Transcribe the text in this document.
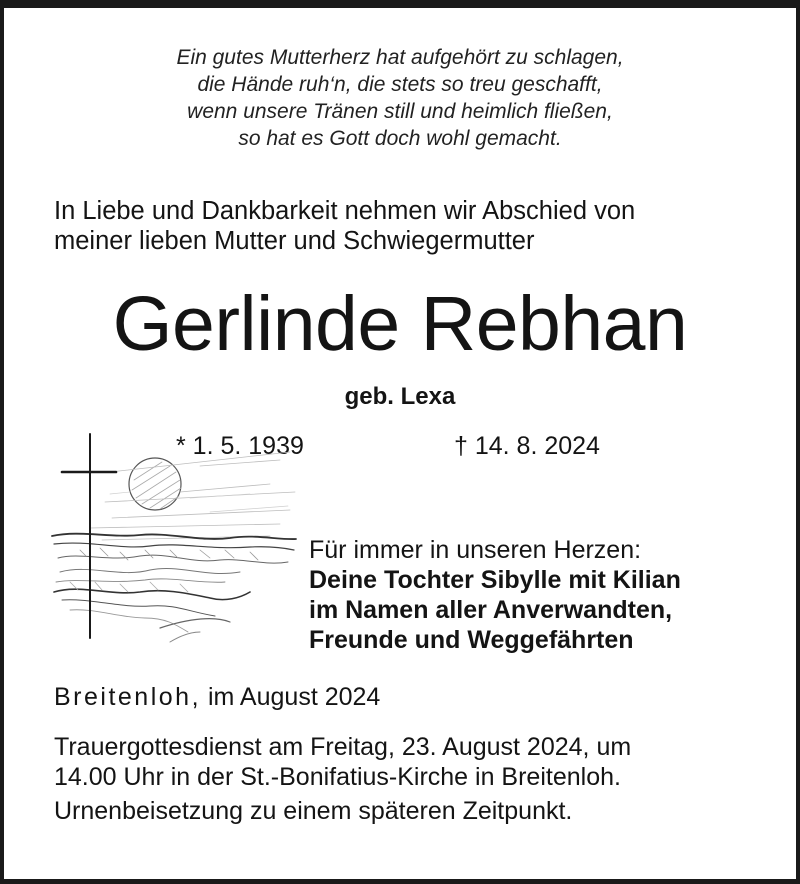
Ein gutes Mutterherz hat aufgehört zu schlagen,
die Hände ruh‘n, die stets so treu geschafft,
wenn unsere Tränen still und heimlich fließen,
so hat es Gott doch wohl gemacht.
In Liebe und Dankbarkeit nehmen wir Abschied von
meiner lieben Mutter und Schwiegermutter
Gerlinde Rebhan
geb. Lexa
* 1. 5. 1939	† 14. 8. 2024
Für immer in unseren Herzen:
Deine Tochter Sibylle mit Kilian
im Namen aller Anverwandten,
Freunde und Weggefährten
Breitenloh, im August 2024
Trauergottesdienst am Freitag, 23. August 2024, um
14.00 Uhr in der St.-Bonifatius-Kirche in Breitenloh.
Urnenbeisetzung zu einem späteren Zeitpunkt.
